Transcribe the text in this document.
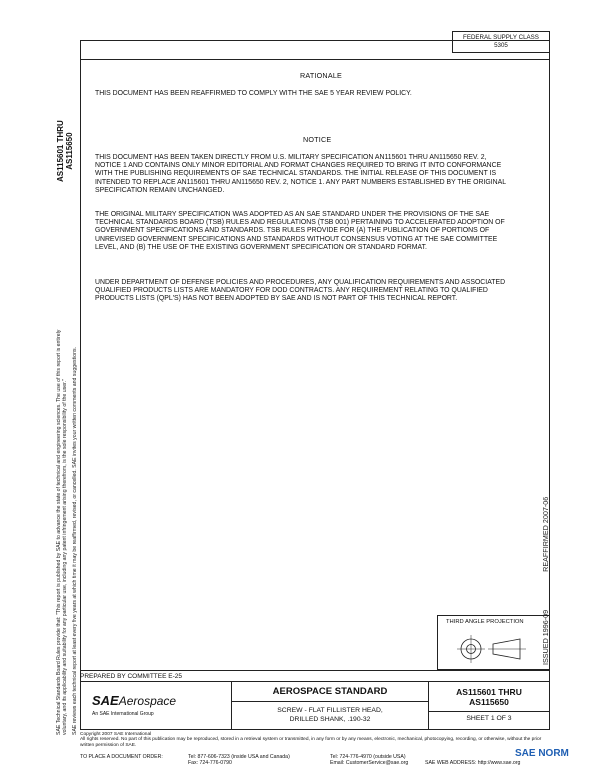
FEDERAL SUPPLY CLASS
5305
AS115601 THRU AS115650
SAE Technical Standards Board Rules provide that: "This report is published by SAE to advance the state of technical and engineering sciences. The use of this report is entirely voluntary, and its applicability and suitability for any particular use, including any patent infringement arising therefrom, is the sole responsibility of the user." SAE reviews each technical report at least every five years at which time it may be reaffirmed, revised, or cancelled. SAE invites your written comments and suggestions.	ISSUED 1996-09  REAFFIRMED 2007-06
RATIONALE
THIS DOCUMENT HAS BEEN REAFFIRMED TO COMPLY WITH THE SAE 5 YEAR REVIEW POLICY.
NOTICE
THIS DOCUMENT HAS BEEN TAKEN DIRECTLY FROM U.S. MILITARY SPECIFICATION AN115601 THRU AN115650 REV. 2, NOTICE 1 AND CONTAINS ONLY MINOR EDITORIAL AND FORMAT CHANGES REQUIRED TO BRING IT INTO CONFORMANCE WITH THE PUBLISHING REQUIREMENTS OF SAE TECHNICAL STANDARDS. THE INITIAL RELEASE OF THIS DOCUMENT IS INTENDED TO REPLACE AN115601 THRU AN115650 REV. 2, NOTICE 1. ANY PART NUMBERS ESTABLISHED BY THE ORIGINAL SPECIFICATION REMAIN UNCHANGED.
THE ORIGINAL MILITARY SPECIFICATION WAS ADOPTED AS AN SAE STANDARD UNDER THE PROVISIONS OF THE SAE TECHNICAL STANDARDS BOARD (TSB) RULES AND REGULATIONS (TSB 001) PERTAINING TO ACCELERATED ADOPTION OF GOVERNMENT SPECIFICATIONS AND STANDARDS. TSB RULES PROVIDE FOR (A) THE PUBLICATION OF PORTIONS OF UNREVISED GOVERNMENT SPECIFICATIONS AND STANDARDS WITHOUT CONSENSUS VOTING AT THE SAE COMMITTEE LEVEL, AND (B) THE USE OF THE EXISTING GOVERNMENT SPECIFICATION OR STANDARD FORMAT.
UNDER DEPARTMENT OF DEFENSE POLICIES AND PROCEDURES, ANY QUALIFICATION REQUIREMENTS AND ASSOCIATED QUALIFIED PRODUCTS LISTS ARE MANDATORY FOR DOD CONTRACTS. ANY REQUIREMENT RELATING TO QUALIFIED PRODUCTS LISTS (QPL'S) HAS NOT BEEN ADOPTED BY SAE AND IS NOT PART OF THIS TECHNICAL REPORT.
THIRD ANGLE PROJECTION
PREPARED BY COMMITTEE E-25
SAEAerospace
An SAE International Group
AEROSPACE STANDARD
SCREW - FLAT FILLISTER HEAD,
DRILLED SHANK, .190-32
AS115601 THRU
AS115650
SHEET 1 OF 3
Copyright 2007 SAE International
All rights reserved. No part of this publication may be reproduced, stored in a retrieval system or transmitted, in any form or by any means, electronic, mechanical, photocopying, recording, or otherwise, without the prior written permission of SAE.
TO PLACE A DOCUMENT ORDER:	Tel: 877-606-7323 (inside USA and Canada)
Fax: 724-776-0790
Tel: 724-776-4970 (outside USA)
Email: CustomerService@sae.org	SAE WEB ADDRESS: http://www.sae.org
SAE NORM
